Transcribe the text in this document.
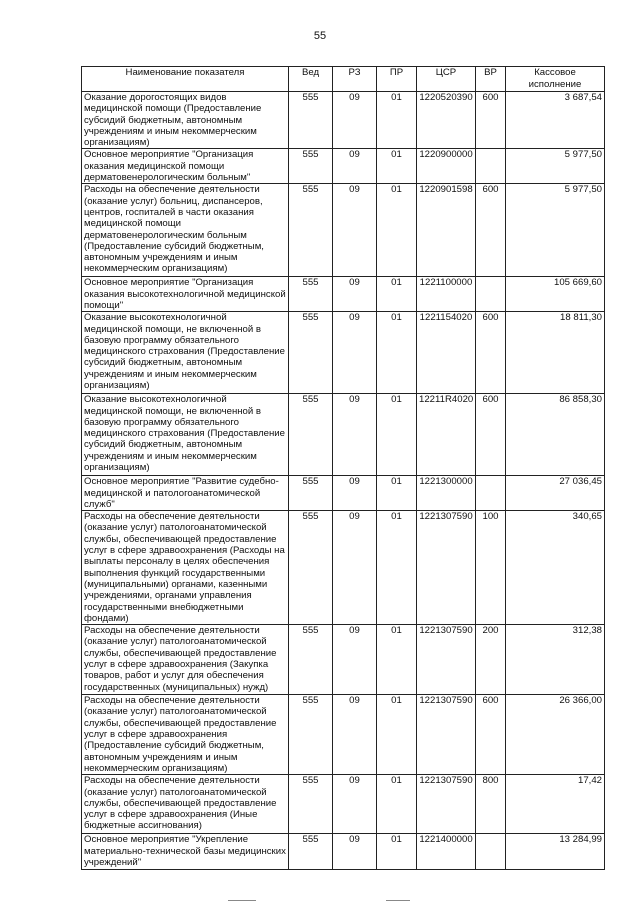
55
Наименование показателя	Вед	РЗ	ПР	ЦСР	ВР	Кассовое исполнение
Оказание дорогостоящих видов медицинской помощи (Предоставление субсидий бюджетным, автономным учреждениям и иным некоммерческим организациям)	555	09	01	1220520390	600	3 687,54
Основное мероприятие "Организация оказания медицинской помощи дерматовенерологическим больным"	555	09	01	1220900000		5 977,50
Расходы на обеспечение деятельности (оказание услуг) больниц, диспансеров, центров, госпиталей в части оказания медицинской помощи дерматовенерологическим больным (Предоставление субсидий бюджетным, автономным учреждениям и иным некоммерческим организациям)	555	09	01	1220901598	600	5 977,50
Основное мероприятие "Организация оказания высокотехнологичной медицинской помощи"	555	09	01	1221100000		105 669,60
Оказание высокотехнологичной медицинской помощи, не включенной в базовую программу обязательного медицинского страхования (Предоставление субсидий бюджетным, автономным учреждениям и иным некоммерческим организациям)	555	09	01	1221154020	600	18 811,30
Оказание высокотехнологичной медицинской помощи, не включенной в базовую программу обязательного медицинского страхования (Предоставление субсидий бюджетным, автономным учреждениям и иным некоммерческим организациям)	555	09	01	12211R4020	600	86 858,30
Основное мероприятие "Развитие судебно-медицинской и патологоанатомической служб"	555	09	01	1221300000		27 036,45
Расходы на обеспечение деятельности (оказание услуг) патологоанатомической службы, обеспечивающей предоставление услуг в сфере здравоохранения (Расходы на выплаты персоналу в целях обеспечения выполнения функций государственными (муниципальными) органами, казенными учреждениями, органами управления государственными внебюджетными фондами)	555	09	01	1221307590	100	340,65
Расходы на обеспечение деятельности (оказание услуг) патологоанатомической службы, обеспечивающей предоставление услуг в сфере здравоохранения (Закупка товаров, работ и услуг для обеспечения государственных (муниципальных) нужд)	555	09	01	1221307590	200	312,38
Расходы на обеспечение деятельности (оказание услуг) патологоанатомической службы, обеспечивающей предоставление услуг в сфере здравоохранения (Предоставление субсидий бюджетным, автономным учреждениям и иным некоммерческим организациям)	555	09	01	1221307590	600	26 366,00
Расходы на обеспечение деятельности (оказание услуг) патологоанатомической службы, обеспечивающей предоставление услуг в сфере здравоохранения (Иные бюджетные ассигнования)	555	09	01	1221307590	800	17,42
Основное мероприятие "Укрепление материально-технической базы медицинских учреждений"	555	09	01	1221400000		13 284,99
